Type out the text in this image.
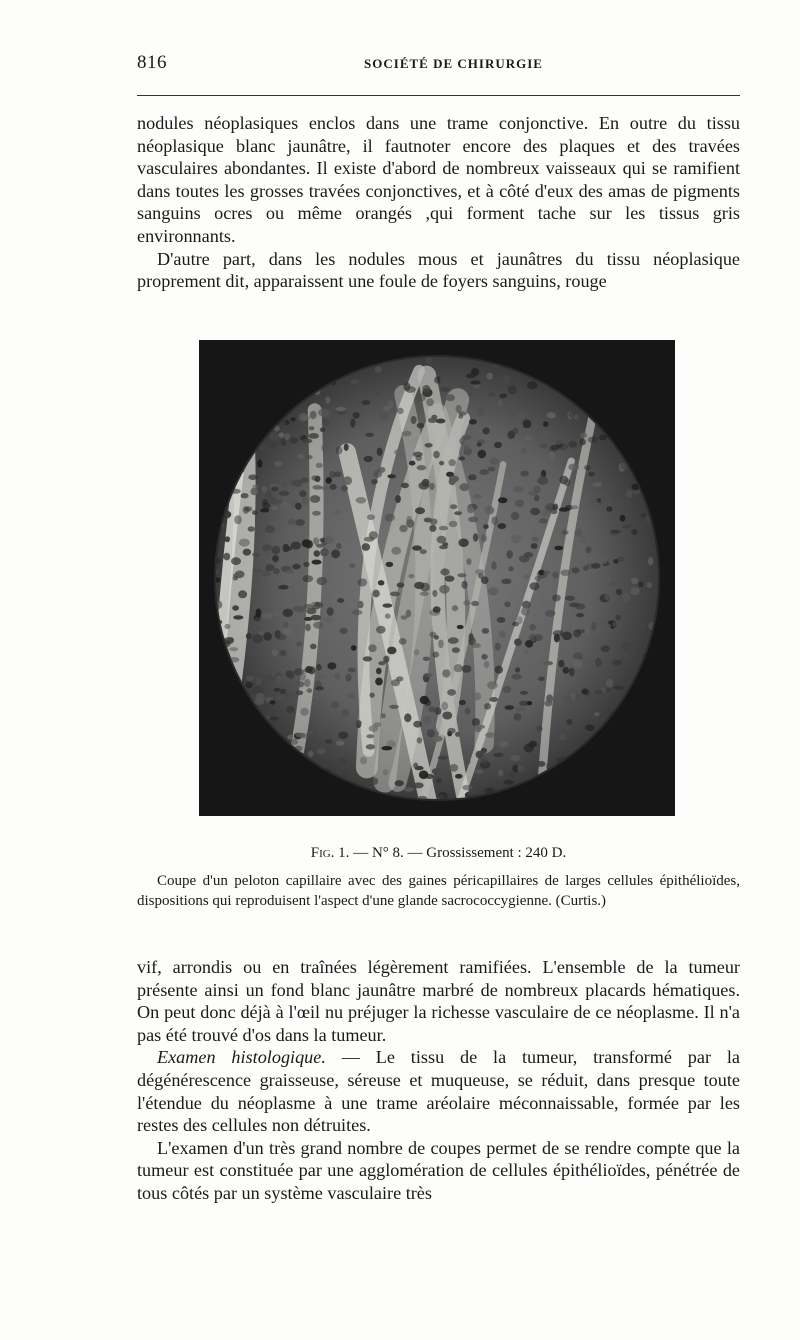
816	SOCIÉTÉ DE CHIRURGIE

nodules néoplasiques enclos dans une trame conjonctive. En outre du tissu néoplasique blanc jaunâtre, il fautnoter encore des plaques et des travées vasculaires abondantes. Il existe d'abord de nombreux vaisseaux qui se ramifient dans toutes les grosses travées conjonctives, et à côté d'eux des amas de pigments sanguins ocres ou même orangés ,qui forment tache sur les tissus gris environnants.

D'autre part, dans les nodules mous et jaunâtres du tissu néoplasique proprement dit, apparaissent une foule de foyers sanguins, rouge

Fig. 1. — N° 8. — Grossissement : 240 D.

Coupe d'un peloton capillaire avec des gaines péricapillaires de larges cellules épithélioïdes, dispositions qui reproduisent l'aspect d'une glande sacrococcygienne. (Curtis.)

vif, arrondis ou en traînées légèrement ramifiées. L'ensemble de la tumeur présente ainsi un fond blanc jaunâtre marbré de nombreux placards hématiques. On peut donc déjà à l'œil nu préjuger la richesse vasculaire de ce néoplasme. Il n'a pas été trouvé d'os dans la tumeur.

Examen histologique. — Le tissu de la tumeur, transformé par la dégénérescence graisseuse, séreuse et muqueuse, se réduit, dans presque toute l'étendue du néoplasme à une trame aréolaire méconnaissable, formée par les restes des cellules non détruites.

L'examen d'un très grand nombre de coupes permet de se rendre compte que la tumeur est constituée par une agglomération de cellules épithélioïdes, pénétrée de tous côtés par un système vasculaire très
